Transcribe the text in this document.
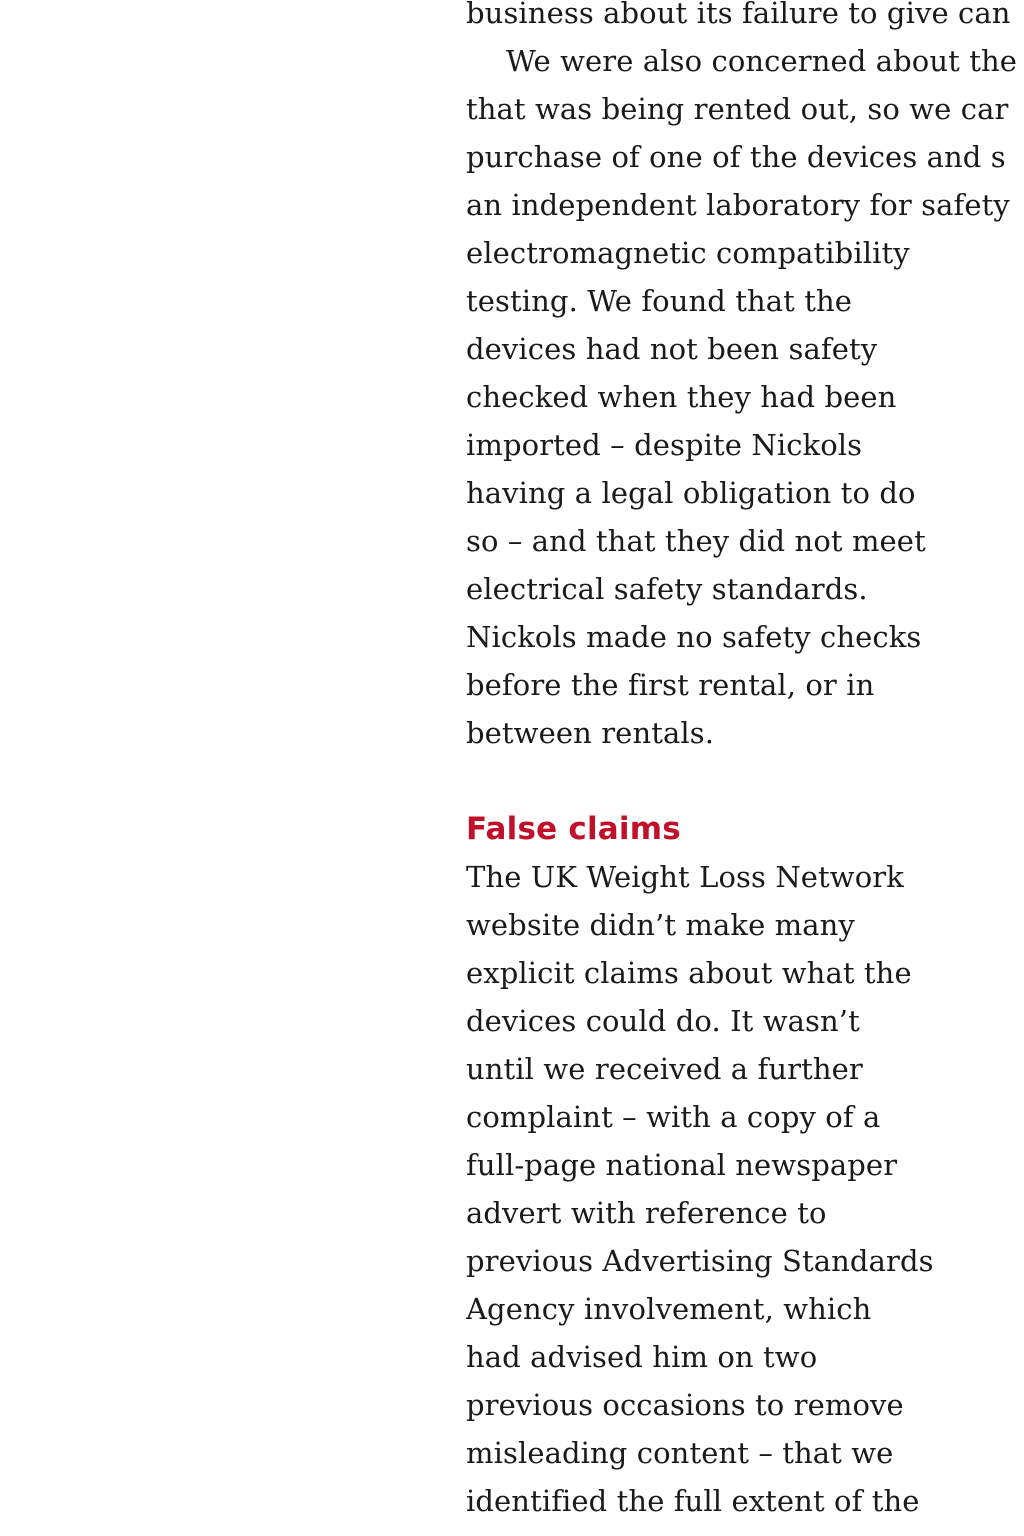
business about its failure to give can
We were also concerned about the
that was being rented out, so we car
purchase of one of the devices and s
an independent laboratory for safety
electromagnetic compatibility
testing. We found that the
devices had not been safety
checked when they had been
imported – despite Nickols
having a legal obligation to do
so – and that they did not meet
electrical safety standards.
Nickols made no safety checks
before the first rental, or in
between rentals.
False claims
The UK Weight Loss Network
website didn’t make many
explicit claims about what the
devices could do. It wasn’t
until we received a further
complaint – with a copy of a
full-page national newspaper
advert with reference to
previous Advertising Standards
Agency involvement, which
had advised him on two
previous occasions to remove
misleading content – that we
identified the full extent of the
